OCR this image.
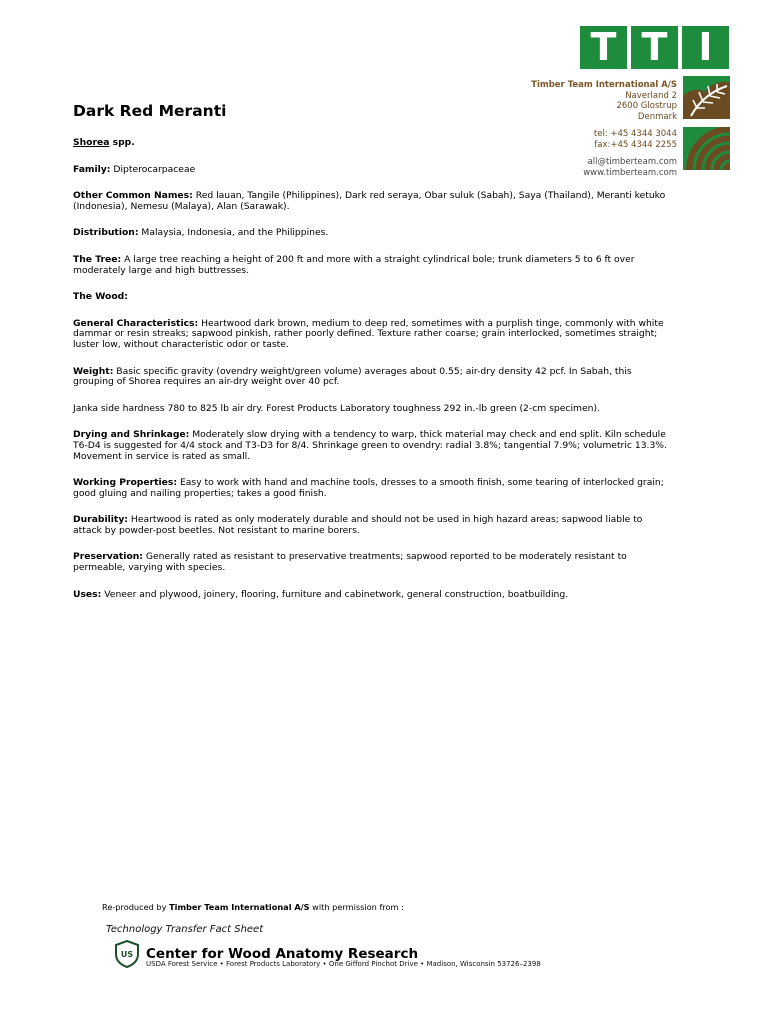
T T I
Timber Team International A/S
Naverland 2
2600 Glostrup
Denmark
tel: +45 4344 3044
fax:+45 4344 2255
all@timberteam.com
www.timberteam.com

Dark Red Meranti

Shorea spp.

Family: Dipterocarpaceae

Other Common Names: Red lauan, Tangile (Philippines), Dark red seraya, Obar suluk (Sabah), Saya (Thailand), Meranti ketuko (Indonesia), Nemesu (Malaya), Alan (Sarawak).

Distribution: Malaysia, Indonesia, and the Philippines.

The Tree: A large tree reaching a height of 200 ft and more with a straight cylindrical bole; trunk diameters 5 to 6 ft over moderately large and high buttresses.

The Wood:

General Characteristics: Heartwood dark brown, medium to deep red, sometimes with a purplish tinge, commonly with white dammar or resin streaks; sapwood pinkish, rather poorly defined. Texture rather coarse; grain interlocked, sometimes straight; luster low, without characteristic odor or taste.

Weight: Basic specific gravity (ovendry weight/green volume) averages about 0.55; air-dry density 42 pcf. In Sabah, this grouping of Shorea requires an air-dry weight over 40 pcf.

Janka side hardness 780 to 825 lb air dry. Forest Products Laboratory toughness 292 in.-lb green (2-cm specimen).

Drying and Shrinkage: Moderately slow drying with a tendency to warp, thick material may check and end split. Kiln schedule T6-D4 is suggested for 4/4 stock and T3-D3 for 8/4. Shrinkage green to ovendry: radial 3.8%; tangential 7.9%; volumetric 13.3%. Movement in service is rated as small.

Working Properties: Easy to work with hand and machine tools, dresses to a smooth finish, some tearing of interlocked grain; good gluing and nailing properties; takes a good finish.

Durability: Heartwood is rated as only moderately durable and should not be used in high hazard areas; sapwood liable to attack by powder-post beetles. Not resistant to marine borers.

Preservation: Generally rated as resistant to preservative treatments; sapwood reported to be moderately resistant to permeable, varying with species.

Uses: Veneer and plywood, joinery, flooring, furniture and cabinetwork, general construction, boatbuilding.

Re-produced by Timber Team International A/S with permission from :
Technology Transfer Fact Sheet
US Center for Wood Anatomy Research
USDA Forest Service • Forest Products Laboratory • One Gifford Pinchot Drive • Madison, Wisconsin 53726–2398
